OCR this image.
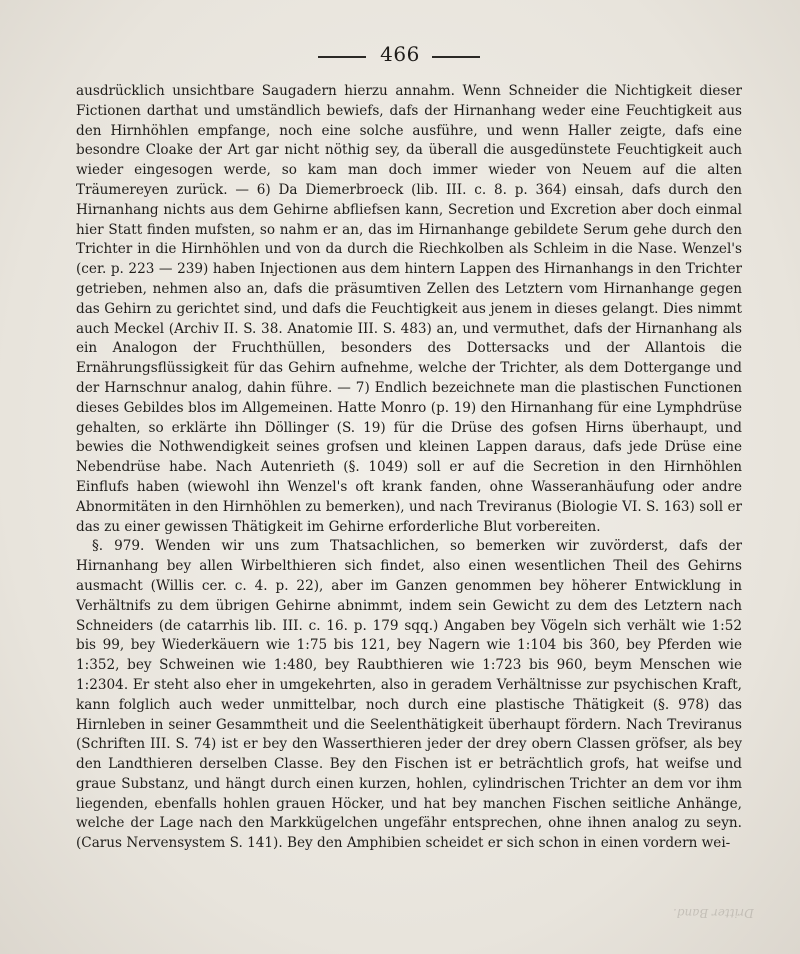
466

ausdrücklich unsichtbare Saugadern hierzu annahm. Wenn Schneider die Nichtigkeit dieser Fictionen darthat und umständlich bewiefs, dafs der Hirnanhang weder eine Feuchtigkeit aus den Hirnhöhlen empfange, noch eine solche ausführe, und wenn Haller zeigte, dafs eine besondre Cloake der Art gar nicht nöthig sey, da überall die ausgedünstete Feuchtigkeit auch wieder eingesogen werde, so kam man doch immer wieder von Neuem auf die alten Träumereyen zurück. — 6) Da Diemerbroeck (lib. III. c. 8. p. 364) einsah, dafs durch den Hirnanhang nichts aus dem Gehirne abfliefsen kann, Secretion und Excretion aber doch einmal hier Statt finden mufsten, so nahm er an, das im Hirnanhange gebildete Serum gehe durch den Trichter in die Hirnhöhlen und von da durch die Riechkolben als Schleim in die Nase. Wenzel's (cer. p. 223 — 239) haben Injectionen aus dem hintern Lappen des Hirnanhangs in den Trichter getrieben, nehmen also an, dafs die präsumtiven Zellen des Letztern vom Hirnanhange gegen das Gehirn zu gerichtet sind, und dafs die Feuchtigkeit aus jenem in dieses gelangt. Dies nimmt auch Meckel (Archiv II. S. 38. Anatomie III. S. 483) an, und vermuthet, dafs der Hirnanhang als ein Analogon der Fruchthüllen, besonders des Dottersacks und der Allantois die Ernährungsflüssigkeit für das Gehirn aufnehme, welche der Trichter, als dem Dottergange und der Harnschnur analog, dahin führe. — 7) Endlich bezeichnete man die plastischen Functionen dieses Gebildes blos im Allgemeinen. Hatte Monro (p. 19) den Hirnanhang für eine Lymphdrüse gehalten, so erklärte ihn Döllinger (S. 19) für die Drüse des gofsen Hirns überhaupt, und bewies die Nothwendigkeit seines grofsen und kleinen Lappen daraus, dafs jede Drüse eine Nebendrüse habe. Nach Autenrieth (§. 1049) soll er auf die Secretion in den Hirnhöhlen Einflufs haben (wiewohl ihn Wenzel's oft krank fanden, ohne Wasseranhäufung oder andre Abnormitäten in den Hirnhöhlen zu bemerken), und nach Treviranus (Biologie VI. S. 163) soll er das zu einer gewissen Thätigkeit im Gehirne erforderliche Blut vorbereiten.

§. 979. Wenden wir uns zum Thatsachlichen, so bemerken wir zuvörderst, dafs der Hirnanhang bey allen Wirbelthieren sich findet, also einen wesentlichen Theil des Gehirns ausmacht (Willis cer. c. 4. p. 22), aber im Ganzen genommen bey höherer Entwicklung in Verhältnifs zu dem übrigen Gehirne abnimmt, indem sein Gewicht zu dem des Letztern nach Schneiders (de catarrhis lib. III. c. 16. p. 179 sqq.) Angaben bey Vögeln sich verhält wie 1:52 bis 99, bey Wiederkäuern wie 1:75 bis 121, bey Nagern wie 1:104 bis 360, bey Pferden wie 1:352, bey Schweinen wie 1:480, bey Raubthieren wie 1:723 bis 960, beym Menschen wie 1:2304. Er steht also eher in umgekehrten, also in geradem Verhältnisse zur psychischen Kraft, kann folglich auch weder unmittelbar, noch durch eine plastische Thätigkeit (§. 978) das Hirnleben in seiner Gesammtheit und die Seelenthätigkeit überhaupt fördern. Nach Treviranus (Schriften III. S. 74) ist er bey den Wasserthieren jeder der drey obern Classen gröfser, als bey den Landthieren derselben Classe. Bey den Fischen ist er beträchtlich grofs, hat weifse und graue Substanz, und hängt durch einen kurzen, hohlen, cylindrischen Trichter an dem vor ihm liegenden, ebenfalls hohlen grauen Höcker, und hat bey manchen Fischen seitliche Anhänge, welche der Lage nach den Markkügelchen ungefähr entsprechen, ohne ihnen analog zu seyn. (Carus Nervensystem S. 141). Bey den Amphibien scheidet er sich schon in einen vordern wei-

Dritter Band.
